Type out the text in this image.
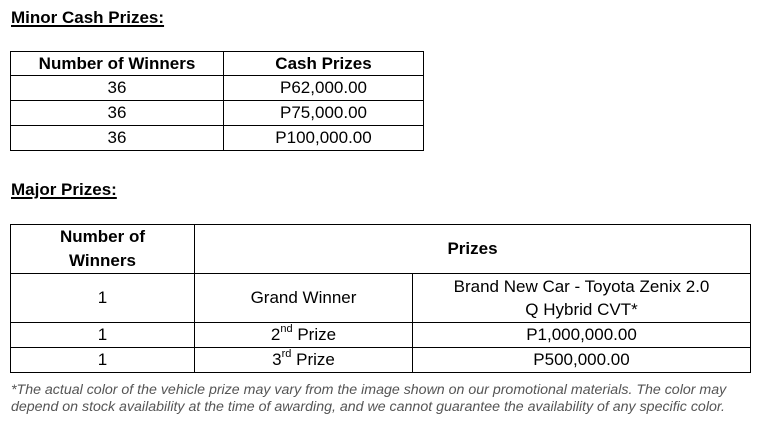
Minor Cash Prizes:
Number of Winners	Cash Prizes
36	P62,000.00
36	P75,000.00
36	P100,000.00
Major Prizes:
Number of
Winners	Prizes	
1	Grand Winner	Brand New Car - Toyota Zenix 2.0
Q Hybrid CVT*
1	2nd Prize	P1,000,000.00
1	3rd Prize	P500,000.00
*The actual color of the vehicle prize may vary from the image shown on our promotional materials. The color may depend on stock availability at the time of awarding, and we cannot guarantee the availability of any specific color.
